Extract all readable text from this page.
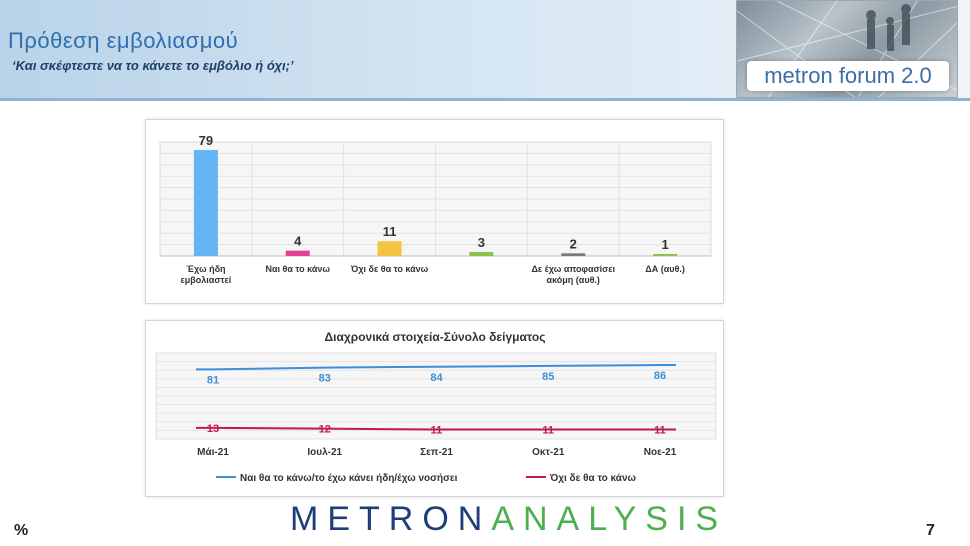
Πρόθεση εμβολιασμού
‘Και σκέφτεστε να το κάνετε το εμβόλιο ή όχι;’	metron forum 2.0
79
4
11
3	2	1
Έχω ήδη εμβολιαστεί
Ναι θα το κάνω Όχι δε θα το κάνω	Δε έχω αποφασίσει ακόμη (αυθ.)
ΔΑ (αυθ.)
Διαχρονικά στοιχεία-Σύνολο δείγματος
81	83	84	85	86
13	12	11	11	11
Μάι-21	Ιουλ-21	Σεπ-21	Οκτ-21	Νοε-21
Ναι θα το κάνω/το έχω κάνει ήδη/έχω νοσήσει	Όχι δε θα το κάνω
%	METRONANALYSIS	7
